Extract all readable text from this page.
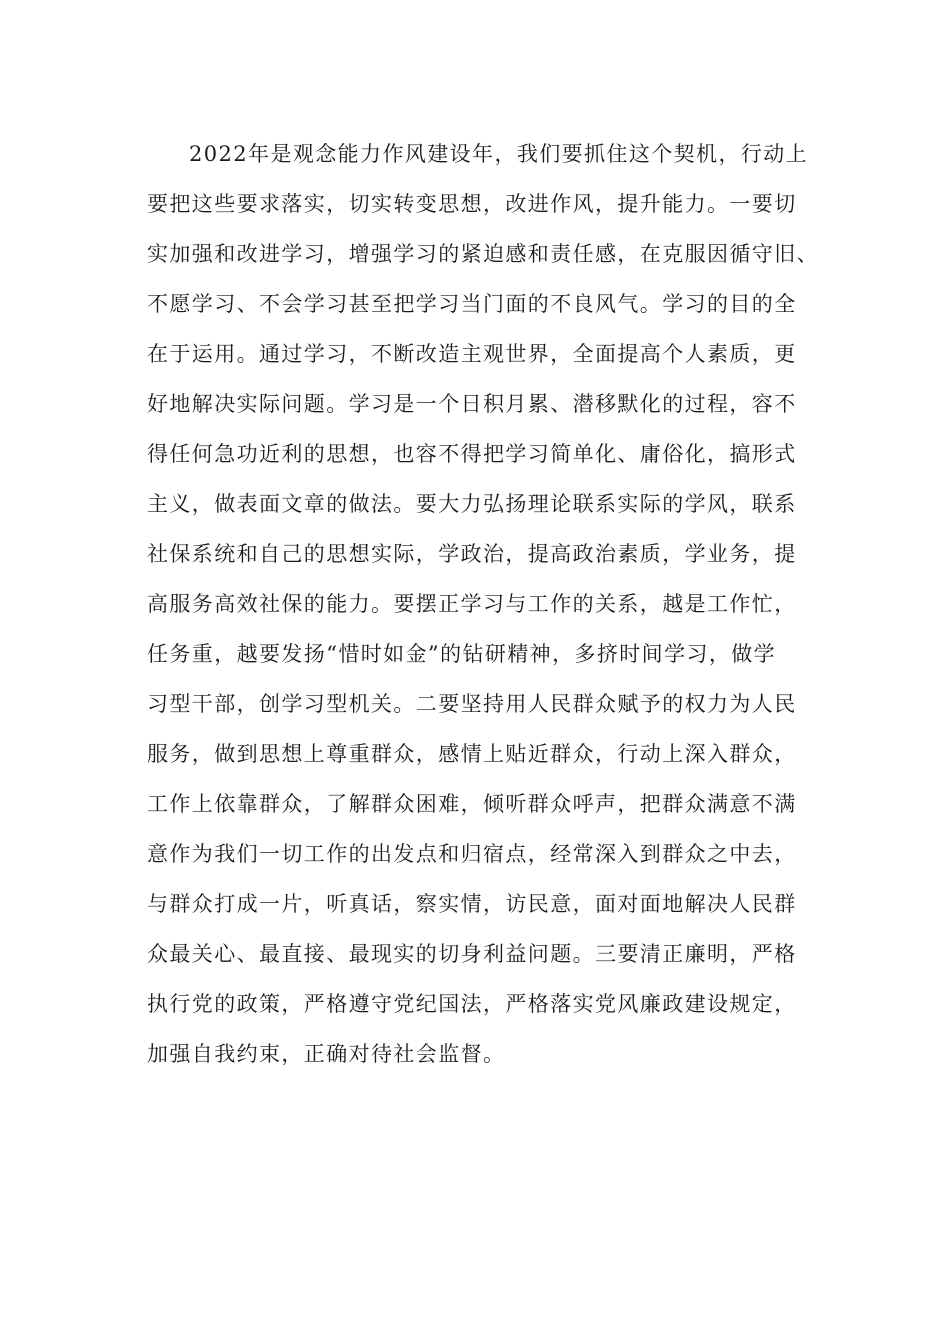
2022年是观念能力作风建设年，我们要抓住这个契机，行动上
要把这些要求落实，切实转变思想，改进作风，提升能力。一要切
实加强和改进学习，增强学习的紧迫感和责任感，在克服因循守旧、
不愿学习、不会学习甚至把学习当门面的不良风气。学习的目的全
在于运用。通过学习，不断改造主观世界，全面提高个人素质，更
好地解决实际问题。学习是一个日积月累、潜移默化的过程，容不
得任何急功近利的思想，也容不得把学习简单化、庸俗化，搞形式
主义，做表面文章的做法。要大力弘扬理论联系实际的学风，联系
社保系统和自己的思想实际，学政治，提高政治素质，学业务，提
高服务高效社保的能力。要摆正学习与工作的关系，越是工作忙，
任务重，越要发扬“惜时如金”的钻研精神，多挤时间学习，做学
习型干部，创学习型机关。二要坚持用人民群众赋予的权力为人民
服务，做到思想上尊重群众，感情上贴近群众，行动上深入群众，
工作上依靠群众，了解群众困难，倾听群众呼声，把群众满意不满
意作为我们一切工作的出发点和归宿点，经常深入到群众之中去，
与群众打成一片，听真话，察实情，访民意，面对面地解决人民群
众最关心、最直接、最现实的切身利益问题。三要清正廉明，严格
执行党的政策，严格遵守党纪国法，严格落实党风廉政建设规定，
加强自我约束，正确对待社会监督。
